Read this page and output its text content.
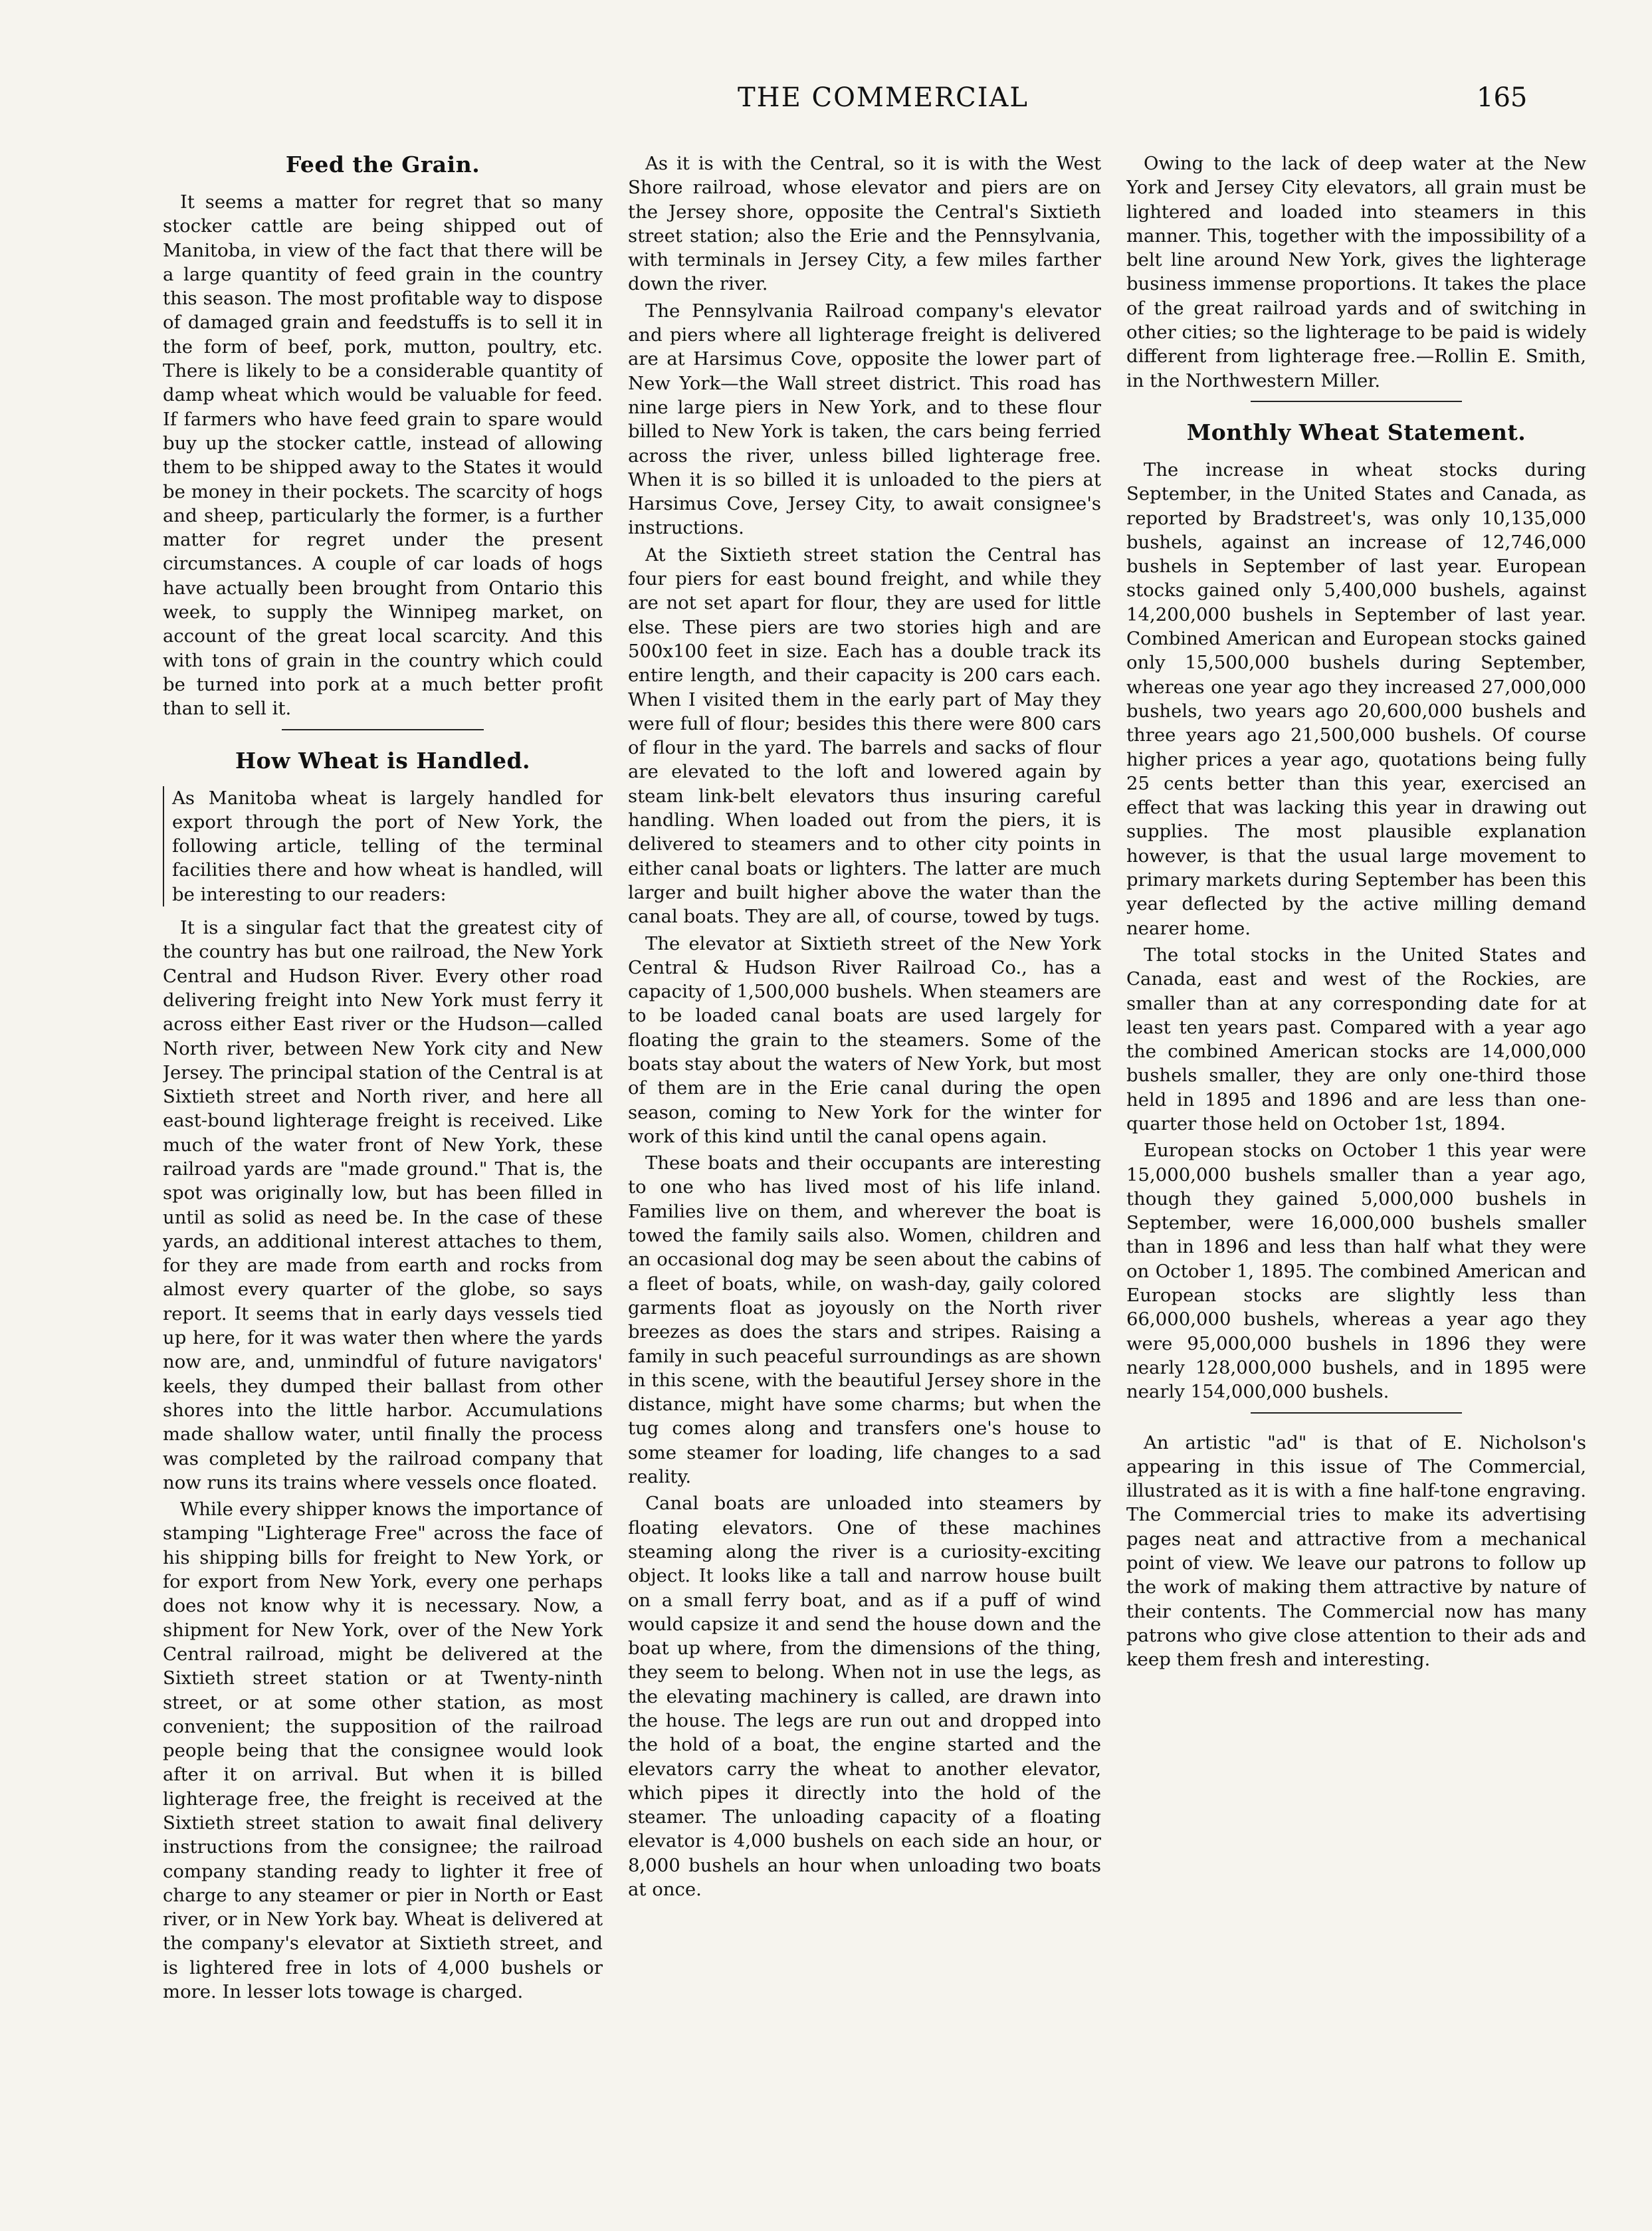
THE COMMERCIAL	165
Feed the Grain.

It seems a matter for regret that so many stocker cattle are being shipped out of Manitoba, in view of the fact that there will be a large quantity of feed grain in the country this season. The most profitable way to dispose of damaged grain and feedstuffs is to sell it in the form of beef, pork, mutton, poultry, etc. There is likely to be a considerable quantity of damp wheat which would be valuable for feed. If farmers who have feed grain to spare would buy up the stocker cattle, instead of allowing them to be shipped away to the States it would be money in their pockets. The scarcity of hogs and sheep, particularly the former, is a further matter for regret under the present circumstances. A couple of car loads of hogs have actually been brought from Ontario this week, to supply the Winnipeg market, on account of the great local scarcity. And this with tons of grain in the country which could be turned into pork at a much better profit than to sell it.

How Wheat is Handled.

As Manitoba wheat is largely handled for export through the port of New York, the following article, telling of the terminal facilities there and how wheat is handled, will be interesting to our readers:

It is a singular fact that the greatest city of the country has but one railroad, the New York Central and Hudson River. Every other road delivering freight into New York must ferry it across either East river or the Hudson—called North river, between New York city and New Jersey. The principal station of the Central is at Sixtieth street and North river, and here all east-bound lighterage freight is received. Like much of the water front of New York, these railroad yards are "made ground." That is, the spot was originally low, but has been filled in until as solid as need be. In the case of these yards, an additional interest attaches to them, for they are made from earth and rocks from almost every quarter of the globe, so says report. It seems that in early days vessels tied up here, for it was water then where the yards now are, and, unmindful of future navigators' keels, they dumped their ballast from other shores into the little harbor. Accumulations made shallow water, until finally the process was completed by the railroad company that now runs its trains where vessels once floated.

While every shipper knows the importance of stamping "Lighterage Free" across the face of his shipping bills for freight to New York, or for export from New York, every one perhaps does not know why it is necessary. Now, a shipment for New York, over of the New York Central railroad, might be delivered at the Sixtieth street station or at Twenty-ninth street, or at some other station, as most convenient; the supposition of the railroad people being that the consignee would look after it on arrival. But when it is billed lighterage free, the freight is received at the Sixtieth street station to await final delivery instructions from the consignee; the railroad company standing ready to lighter it free of charge to any steamer or pier in North or East river, or in New York bay. Wheat is delivered at the company's elevator at Sixtieth street, and is lightered free in lots of 4,000 bushels or more. In lesser lots towage is charged.

As it is with the Central, so it is with the West Shore railroad, whose elevator and piers are on the Jersey shore, opposite the Central's Sixtieth street station; also the Erie and the Pennsylvania, with terminals in Jersey City, a few miles farther down the river.

The Pennsylvania Railroad company's elevator and piers where all lighterage freight is delivered are at Harsimus Cove, opposite the lower part of New York—the Wall street district. This road has nine large piers in New York, and to these flour billed to New York is taken, the cars being ferried across the river, unless billed lighterage free. When it is so billed it is unloaded to the piers at Harsimus Cove, Jersey City, to await consignee's instructions.

At the Sixtieth street station the Central has four piers for east bound freight, and while they are not set apart for flour, they are used for little else. These piers are two stories high and are 500x100 feet in size. Each has a double track its entire length, and their capacity is 200 cars each. When I visited them in the early part of May they were full of flour; besides this there were 800 cars of flour in the yard. The barrels and sacks of flour are elevated to the loft and lowered again by steam link-belt elevators thus insuring careful handling. When loaded out from the piers, it is delivered to steamers and to other city points in either canal boats or lighters. The latter are much larger and built higher above the water than the canal boats. They are all, of course, towed by tugs.

The elevator at Sixtieth street of the New York Central & Hudson River Railroad Co., has a capacity of 1,500,000 bushels. When steamers are to be loaded canal boats are used largely for floating the grain to the steamers. Some of the boats stay about the waters of New York, but most of them are in the Erie canal during the open season, coming to New York for the winter for work of this kind until the canal opens again.

These boats and their occupants are interesting to one who has lived most of his life inland. Families live on them, and wherever the boat is towed the family sails also. Women, children and an occasional dog may be seen about the cabins of a fleet of boats, while, on wash-day, gaily colored garments float as joyously on the North river breezes as does the stars and stripes. Raising a family in such peaceful surroundings as are shown in this scene, with the beautiful Jersey shore in the distance, might have some charms; but when the tug comes along and transfers one's house to some steamer for loading, life changes to a sad reality.

Canal boats are unloaded into steamers by floating elevators. One of these machines steaming along the river is a curiosity-exciting object. It looks like a tall and narrow house built on a small ferry boat, and as if a puff of wind would capsize it and send the house down and the boat up where, from the dimensions of the thing, they seem to belong. When not in use the legs, as the elevating machinery is called, are drawn into the house. The legs are run out and dropped into the hold of a boat, the engine started and the elevators carry the wheat to another elevator, which pipes it directly into the hold of the steamer. The unloading capacity of a floating elevator is 4,000 bushels on each side an hour, or 8,000 bushels an hour when unloading two boats at once.

Owing to the lack of deep water at the New York and Jersey City elevators, all grain must be lightered and loaded into steamers in this manner. This, together with the impossibility of a belt line around New York, gives the lighterage business immense proportions. It takes the place of the great railroad yards and of switching in other cities; so the lighterage to be paid is widely different from lighterage free.—Rollin E. Smith, in the Northwestern Miller.

Monthly Wheat Statement.

The increase in wheat stocks during September, in the United States and Canada, as reported by Bradstreet's, was only 10,135,000 bushels, against an increase of 12,746,000 bushels in September of last year. European stocks gained only 5,400,000 bushels, against 14,200,000 bushels in September of last year. Combined American and European stocks gained only 15,500,000 bushels during September, whereas one year ago they increased 27,000,000 bushels, two years ago 20,600,000 bushels and three years ago 21,500,000 bushels. Of course higher prices a year ago, quotations being fully 25 cents better than this year, exercised an effect that was lacking this year in drawing out supplies. The most plausible explanation however, is that the usual large movement to primary markets during September has been this year deflected by the active milling demand nearer home.

The total stocks in the United States and Canada, east and west of the Rockies, are smaller than at any corresponding date for at least ten years past. Compared with a year ago the combined American stocks are 14,000,000 bushels smaller, they are only one-third those held in 1895 and 1896 and are less than one-quarter those held on October 1st, 1894.

European stocks on October 1 this year were 15,000,000 bushels smaller than a year ago, though they gained 5,000,000 bushels in September, were 16,000,000 bushels smaller than in 1896 and less than half what they were on October 1, 1895. The combined American and European stocks are slightly less than 66,000,000 bushels, whereas a year ago they were 95,000,000 bushels in 1896 they were nearly 128,000,000 bushels, and in 1895 were nearly 154,000,000 bushels.

An artistic "ad" is that of E. Nicholson's appearing in this issue of The Commercial, illustrated as it is with a fine half-tone engraving. The Commercial tries to make its advertising pages neat and attractive from a mechanical point of view. We leave our patrons to follow up the work of making them attractive by nature of their contents. The Commercial now has many patrons who give close attention to their ads and keep them fresh and interesting.
